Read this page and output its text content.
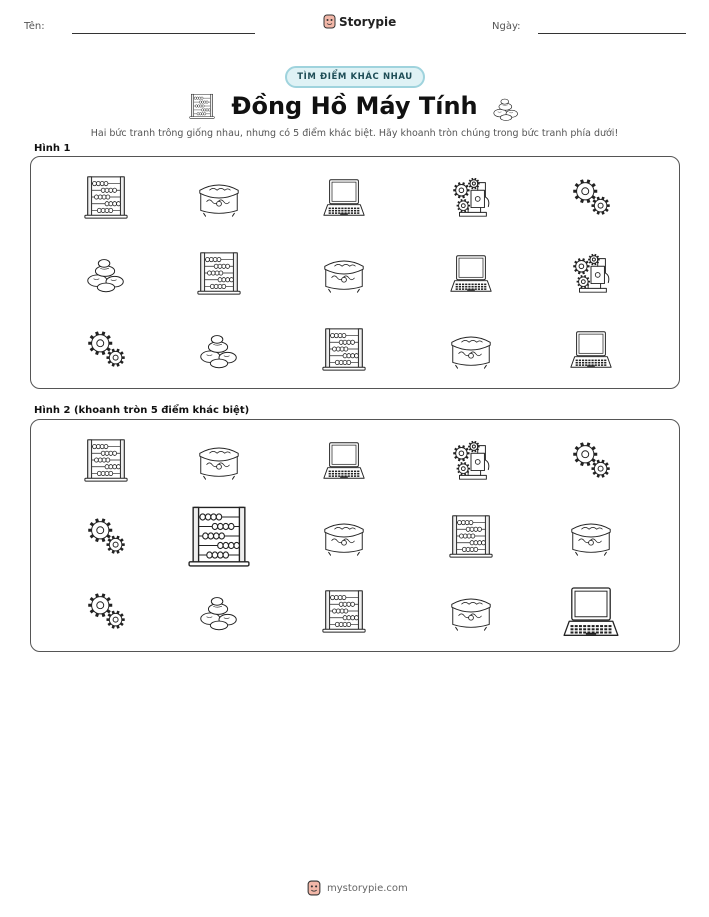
Tên:	Storypie	Ngày:
TÌM ĐIỂM KHÁC NHAU
Đồng Hồ Máy Tính
Hai bức tranh trông giống nhau, nhưng có 5 điểm khác biệt. Hãy khoanh tròn chúng trong bức tranh phía dưới!
Hình 1
Hình 2 (khoanh tròn 5 điểm khác biệt)
mystorypie.com
